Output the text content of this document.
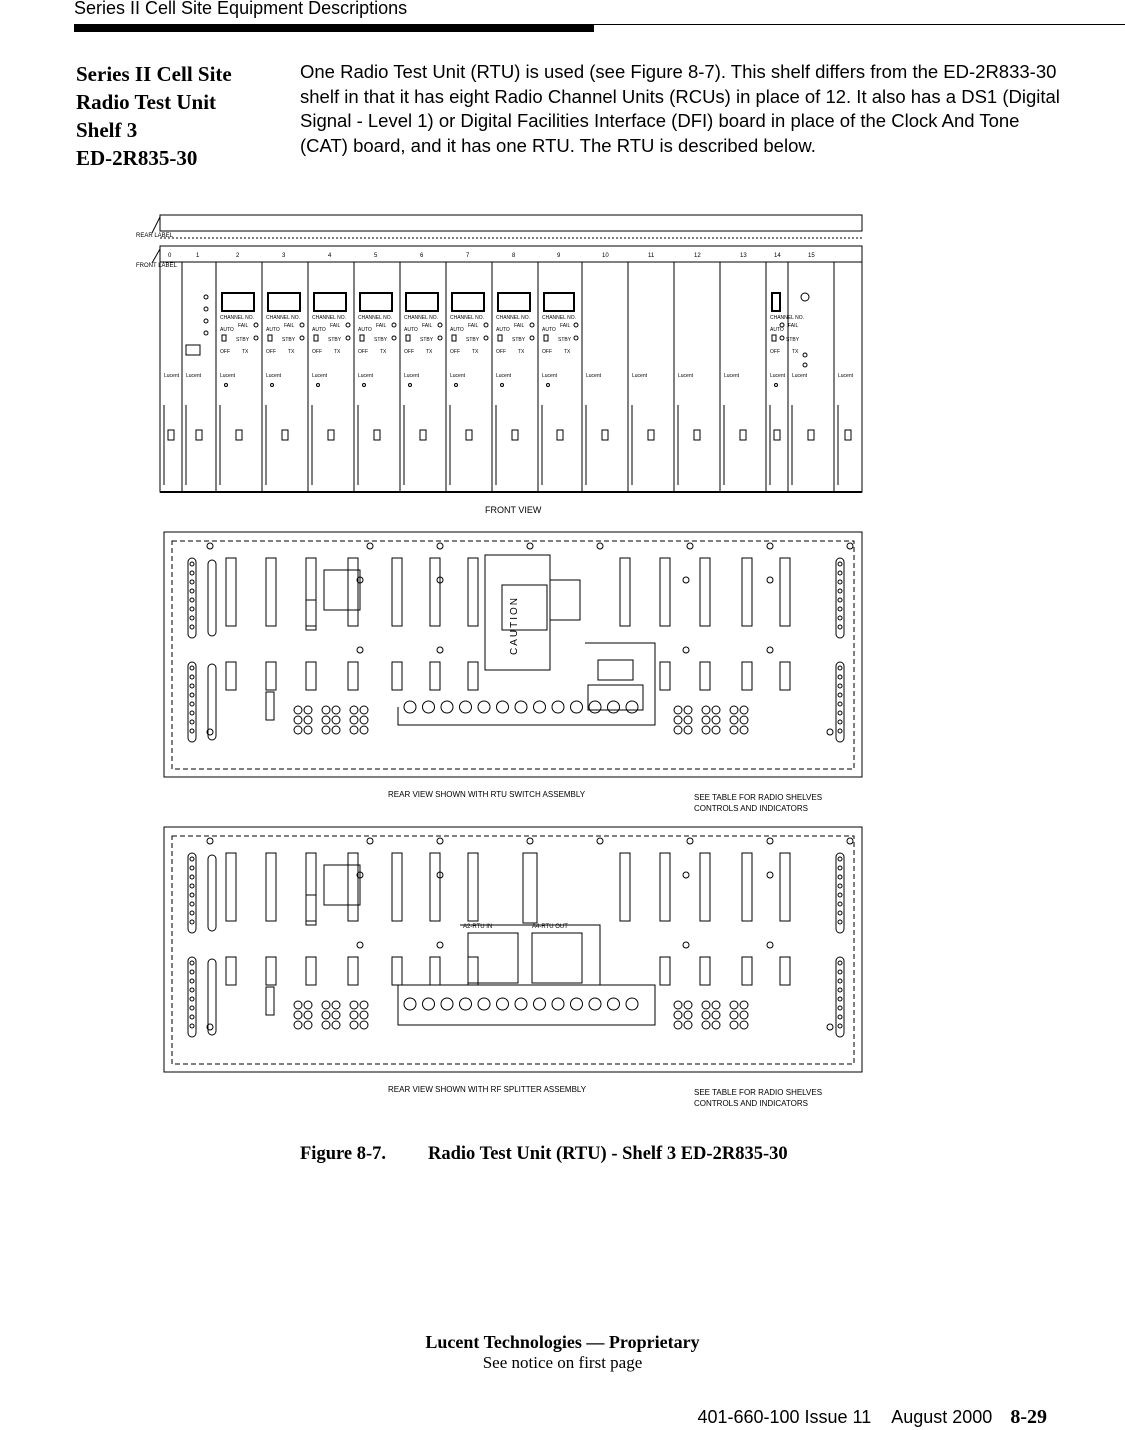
Series II Cell Site Equipment Descriptions
Series II Cell Site
Radio Test Unit
Shelf 3
ED-2R835-30
One Radio Test Unit (RTU) is used (see Figure 8-7). This shelf differs from the ED-2R833-30 shelf in that it has eight Radio Channel Units (RCUs) in place of 12. It also has a DS1 (Digital Signal - Level 1) or Digital Facilities Interface (DFI) board in place of the Clock And Tone (CAT) board, and it has one RTU. The RTU is described below.
REAR LABEL
FRONT LABEL
0
Lucent
1
Lucent
2
Lucent
CHANNEL NO.
AUTO
FAIL
STBY
OFF TX
3
Lucent
CHANNEL NO.
AUTO
FAIL
STBY
OFF TX
4
Lucent
CHANNEL NO.
AUTO
FAIL
STBY
OFF TX
5
Lucent
CHANNEL NO.
AUTO
FAIL
STBY
OFF TX
6
Lucent
CHANNEL NO.
AUTO
FAIL
STBY
OFF TX
7
Lucent
CHANNEL NO.
AUTO
FAIL
STBY
OFF TX
8
Lucent
CHANNEL NO.
AUTO
FAIL
STBY
OFF TX
9
Lucent
CHANNEL NO.
AUTO
FAIL
STBY
OFF TX
10
Lucent
11
Lucent
12
Lucent
13
Lucent
14
Lucent
CHANNEL NO.
AUTO
FAIL
STBY
OFF TX
15
Lucent	Lucent
FRONT VIEW
CAUTION
REAR VIEW SHOWN WITH RTU SWITCH ASSEMBLY	SEE TABLE FOR RADIO SHELVES
CONTROLS AND INDICATORS
A2-RTU IN	A4-RTU OUT
REAR VIEW SHOWN WITH RF SPLITTER ASSEMBLY	SEE TABLE FOR RADIO SHELVES
CONTROLS AND INDICATORS
Figure 8-7. Radio Test Unit (RTU) - Shelf 3 ED-2R835-30
Lucent Technologies — Proprietary
See notice on first page
401-660-100 Issue 11 August 2000 8-29
